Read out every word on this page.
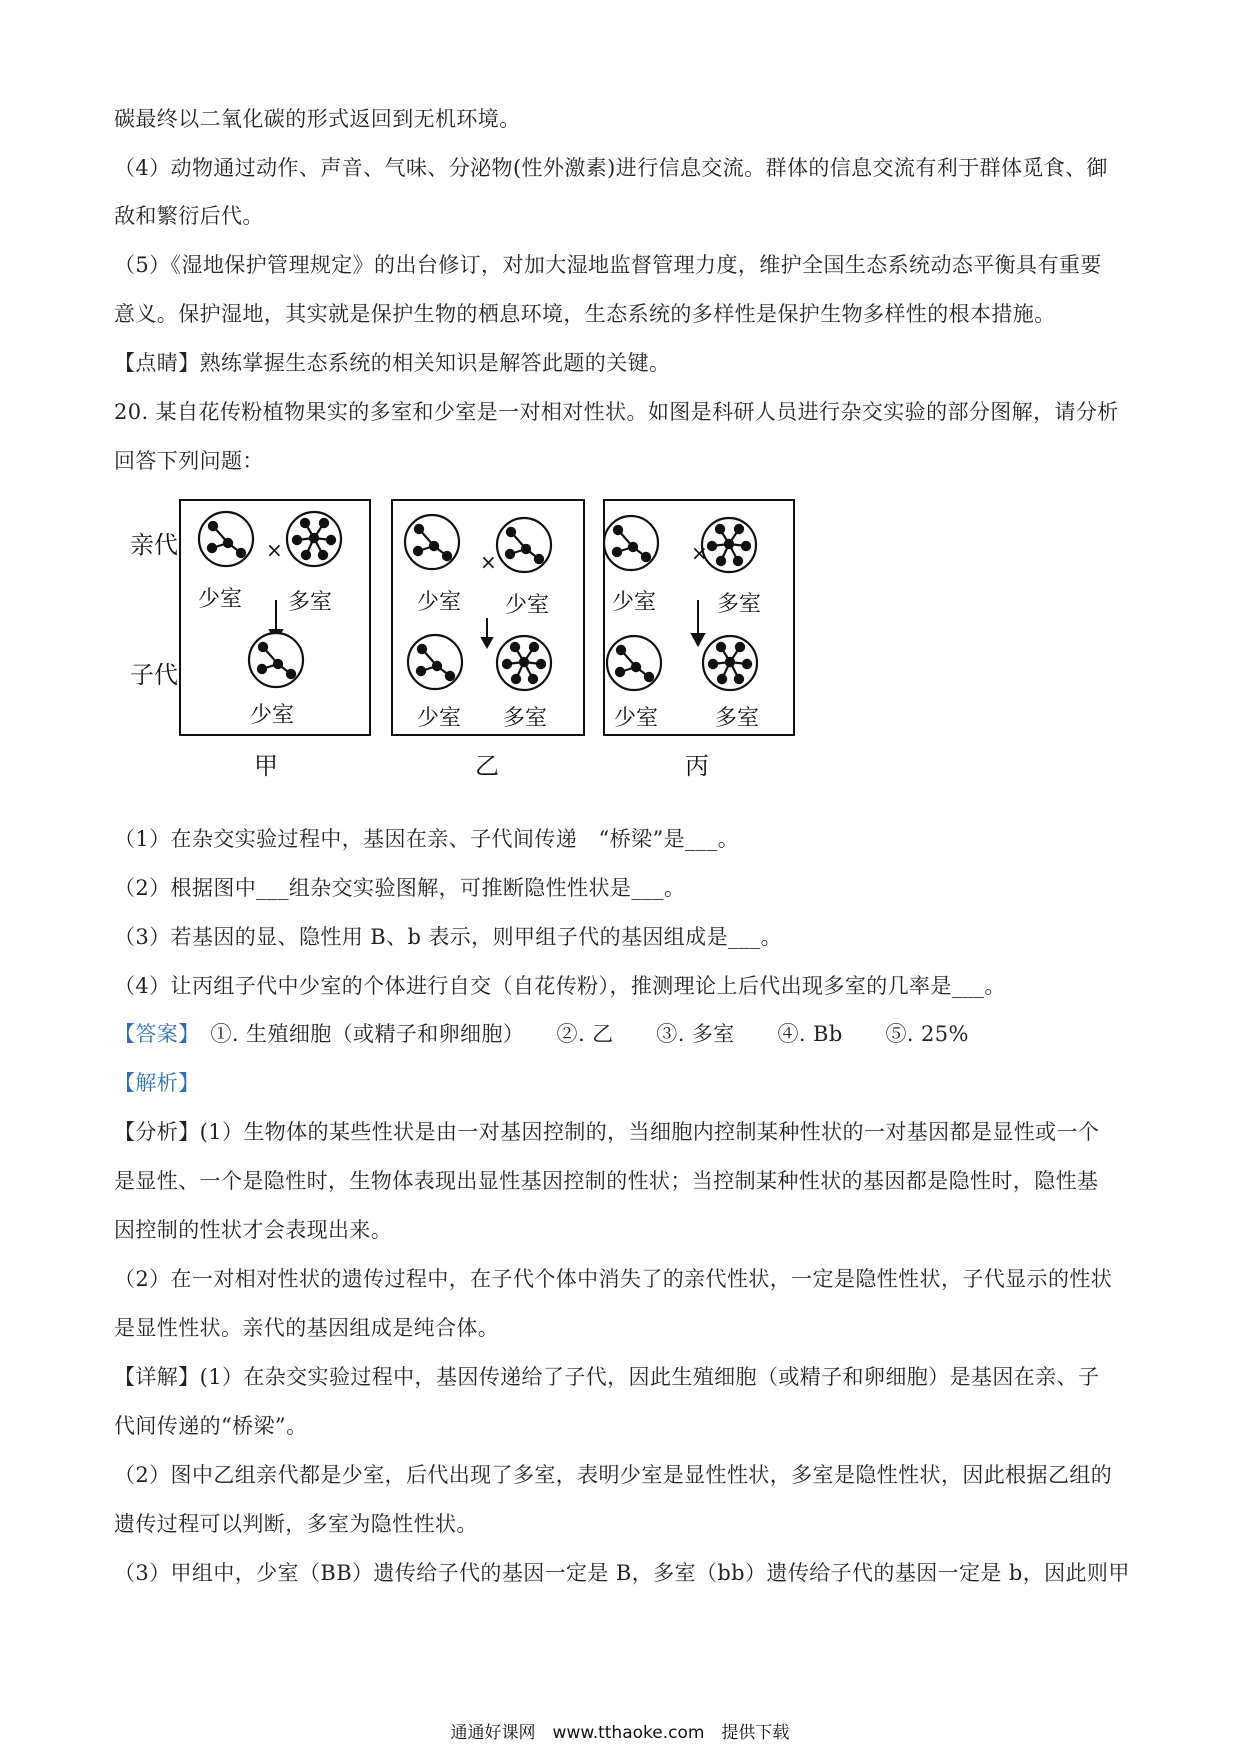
碳最终以二氧化碳的形式返回到无机环境。
（4）动物通过动作、声音、气味、分泌物(性外激素)进行信息交流。群体的信息交流有利于群体觅食、御
敌和繁衍后代。
（5）《湿地保护管理规定》的出台修订，对加大湿地监督管理力度，维护全国生态系统动态平衡具有重要
意义。保护湿地，其实就是保护生物的栖息环境，生态系统的多样性是保护生物多样性的根本措施。
【点睛】熟练掌握生态系统的相关知识是解答此题的关键。
20. 某自花传粉植物果实的多室和少室是一对相对性状。如图是科研人员进行杂交实验的部分图解，请分析
回答下列问题：
亲代
子代
×	×	×
少室 多室
少室
少室 少室
少室 多室
少室	多室
少室	多室
甲	乙	丙
（1）在杂交实验过程中，基因在亲、子代间传递　“桥梁”是___。
（2）根据图中___组杂交实验图解，可推断隐性性状是___。
（3）若基因的显、隐性用 B、b 表示，则甲组子代的基因组成是___。
（4）让丙组子代中少室的个体进行自交（自花传粉），推测理论上后代出现多室的几率是___。
【答案】　①. 生殖细胞（或精子和卵细胞）　　②. 乙　　③. 多室　　④. Bb　　⑤. 25%
【解析】
【分析】(1）生物体的某些性状是由一对基因控制的，当细胞内控制某种性状的一对基因都是显性或一个
是显性、一个是隐性时，生物体表现出显性基因控制的性状；当控制某种性状的基因都是隐性时，隐性基
因控制的性状才会表现出来。
（2）在一对相对性状的遗传过程中，在子代个体中消失了的亲代性状，一定是隐性性状，子代显示的性状
是显性性状。亲代的基因组成是纯合体。
【详解】(1）在杂交实验过程中，基因传递给了子代，因此生殖细胞（或精子和卵细胞）是基因在亲、子
代间传递的“桥梁”。
（2）图中乙组亲代都是少室，后代出现了多室，表明少室是显性性状，多室是隐性性状，因此根据乙组的
遗传过程可以判断，多室为隐性性状。
（3）甲组中，少室（BB）遗传给子代的基因一定是 B，多室（bb）遗传给子代的基因一定是 b，因此则甲
通通好课网　www.tthaoke.com　提供下载
